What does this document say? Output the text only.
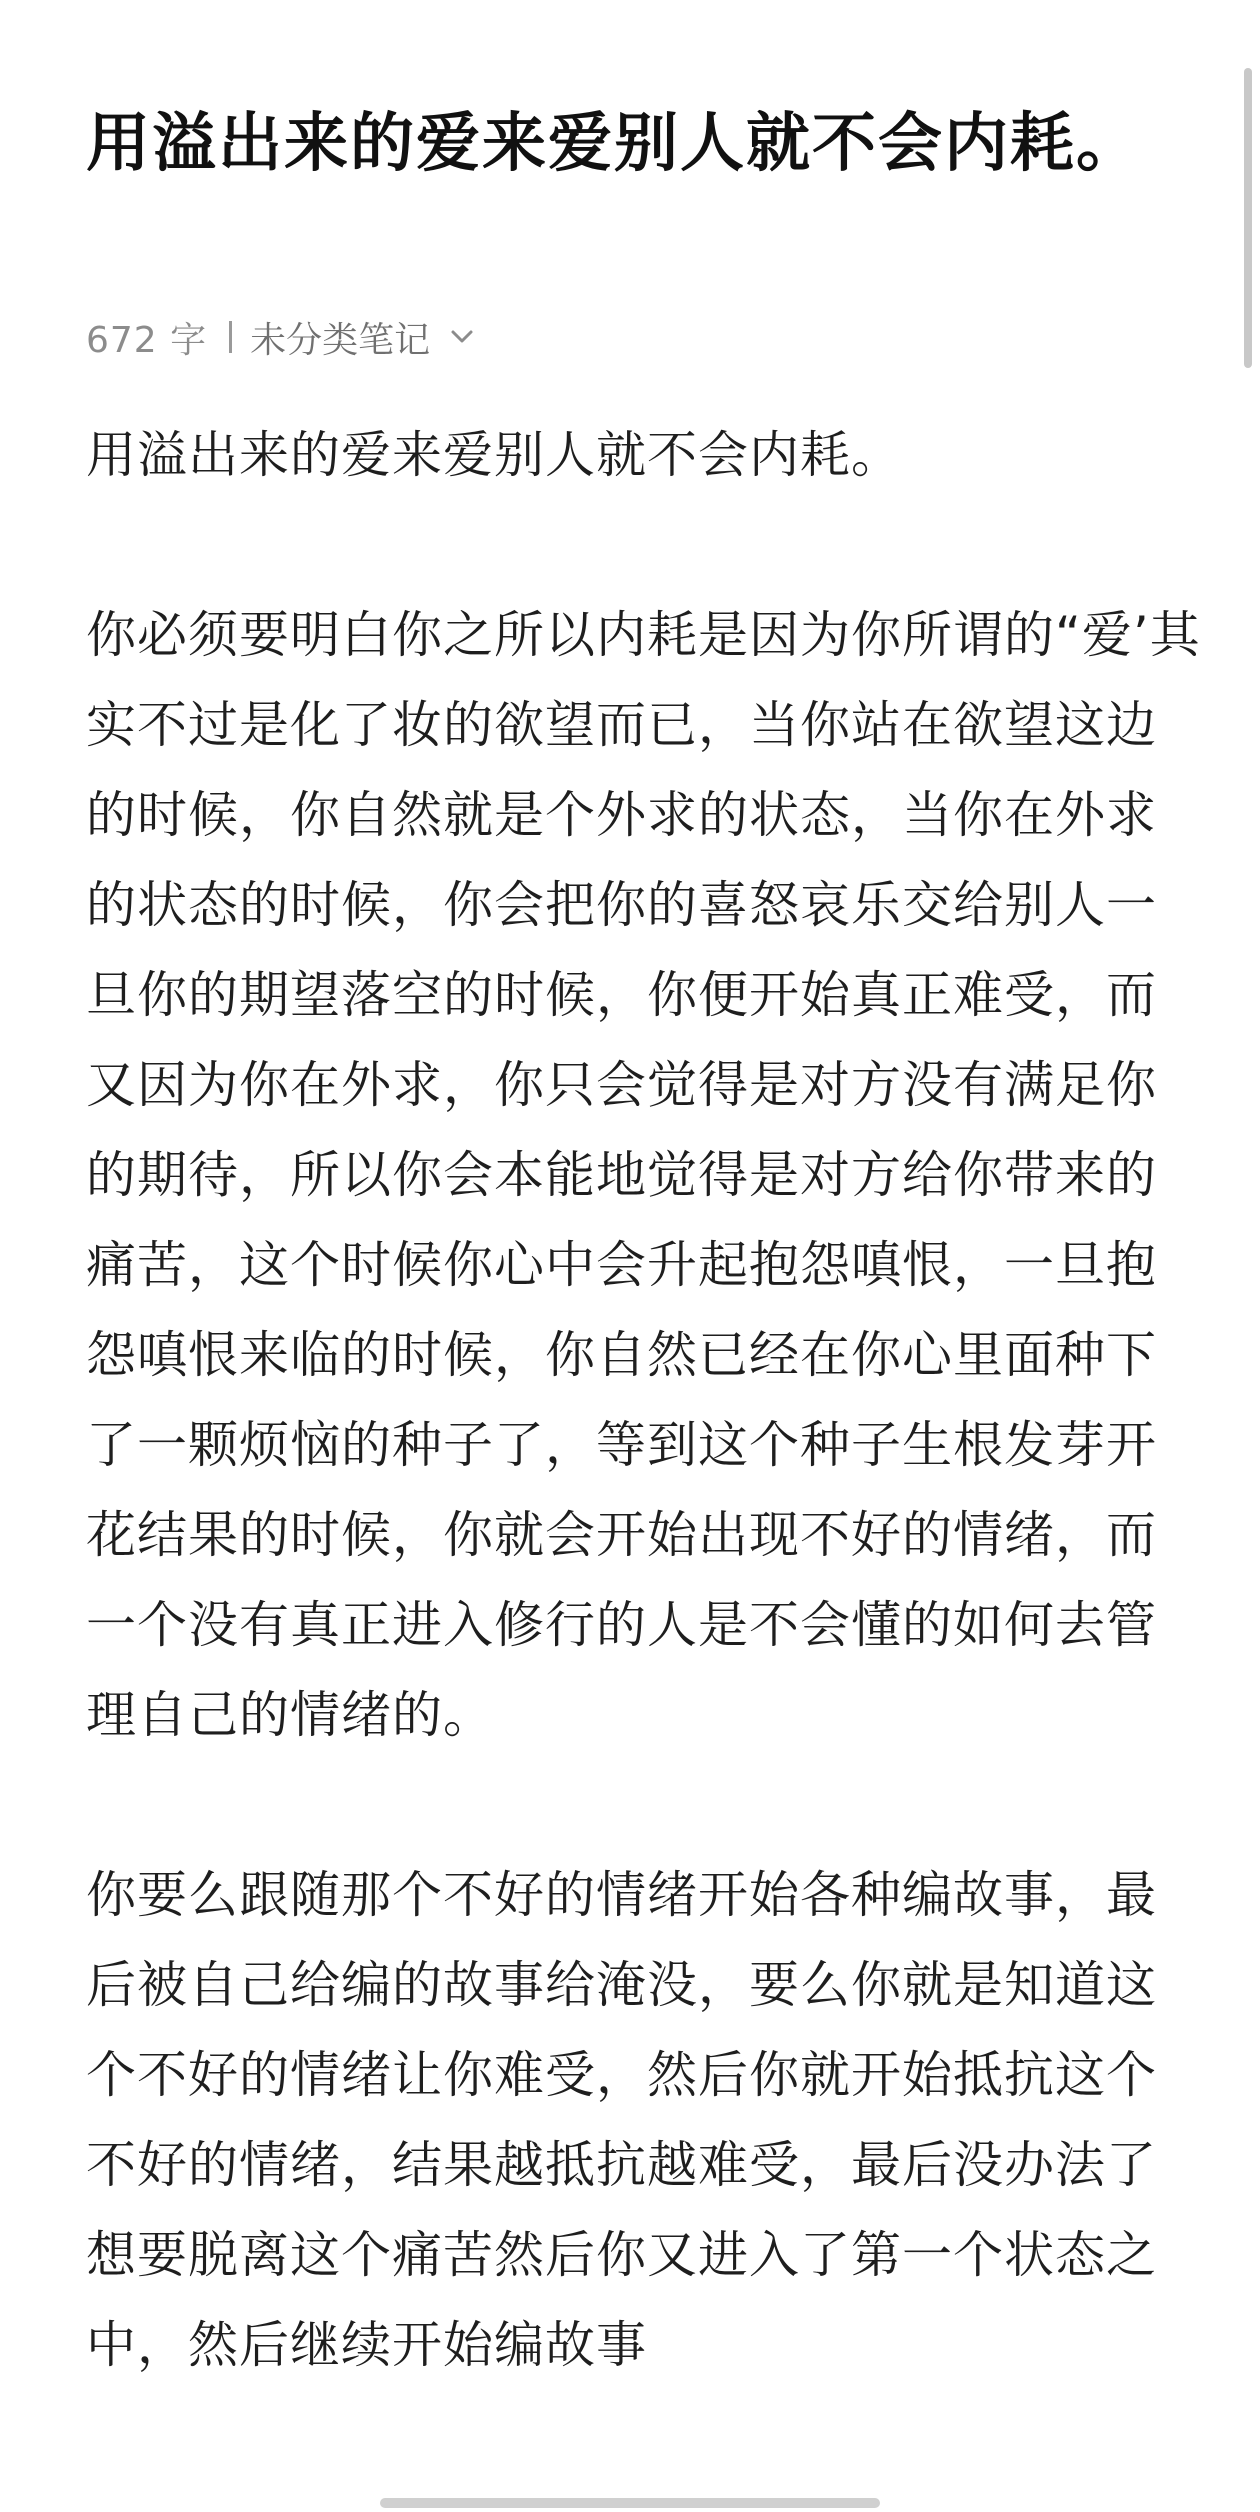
用溢出来的爱来爱别人就不会内耗。
672 字 未分类笔记

用溢出来的爱来爱别人就不会内耗。

你必须要明白你之所以内耗是因为你所谓的“爱’其实不过是化了妆的欲望而已，当你站在欲望这边的时候，你自然就是个外求的状态，当你在外求的状态的时候，你会把你的喜怒哀乐交给别人一旦你的期望落空的时候，你便开始真正难受，而又因为你在外求，你只会觉得是对方没有满足你的期待，所以你会本能地觉得是对方给你带来的痛苦，这个时候你心中会升起抱怨嗔恨，一旦抱怨嗔恨来临的时候，你自然已经在你心里面种下了一颗烦恼的种子了，等到这个种子生根发芽开花结果的时候，你就会开始出现不好的情绪，而一个没有真正进入修行的人是不会懂的如何去管理自己的情绪的。

你要么跟随那个不好的情绪开始各种编故事，最后被自己给编的故事给淹没，要么你就是知道这个不好的情绪让你难受，然后你就开始抵抗这个不好的情绪，结果越抵抗越难受，最后没办法了想要脱离这个痛苦然后你又进入了第一个状态之中，然后继续开始编故事
